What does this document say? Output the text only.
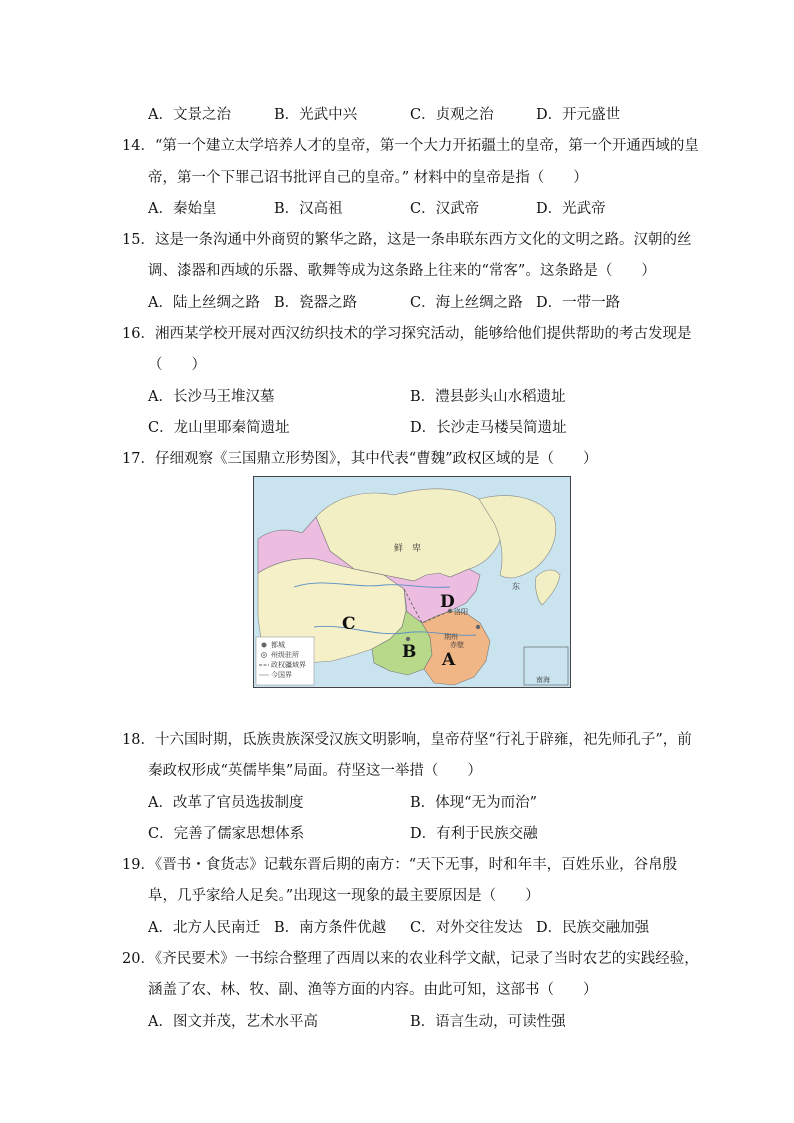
A．文景之治	B．光武中兴	C．贞观之治	D．开元盛世
14．“第一个建立太学培养人才的皇帝，第一个大力开拓疆土的皇帝，第一个开通西域的皇
帝，第一个下罪己诏书批评自己的皇帝。” 材料中的皇帝是指（　　）
A．秦始皇	B．汉高祖	C．汉武帝	D．光武帝
15．这是一条沟通中外商贸的繁华之路，这是一条串联东西方文化的文明之路。汉朝的丝
调、漆器和西域的乐器、歌舞等成为这条路上往来的“常客”。这条路是（　　）
A．陆上丝绸之路 B．瓷器之路	C．海上丝绸之路 D．一带一路
16．湘西某学校开展对西汉纺织技术的学习探究活动，能够给他们提供帮助的考古发现是
（　　）
A．长沙马王堆汉墓	B．澧县彭头山水稻遗址
C．龙山里耶秦简遗址	D．长沙走马楼吴简遗址
17．仔细观察《三国鼎立形势图》，其中代表“曹魏”政权区域的是（　　）
都城
州级驻所
政权疆域界
今国界
南海
鲜　卑
洛阳
荆州
赤壁
东
D
C
B A
18．十六国时期，氐族贵族深受汉族文明影响，皇帝苻坚“行礼于辟雍，祀先师孔子”，前
秦政权形成“英儒毕集”局面。苻坚这一举措（　　）
A．改革了官员选拔制度	B．体现“无为而治”
C．完善了儒家思想体系	D．有利于民族交融
19．《晋书・食货志》记载东晋后期的南方：“天下无事，时和年丰，百姓乐业，谷帛殷
阜，几乎家给人足矣。”出现这一现象的最主要原因是（　　）
A．北方人民南迁 B．南方条件优越 C．对外交往发达 D．民族交融加强
20．《齐民要术》一书综合整理了西周以来的农业科学文献，记录了当时农艺的实践经验，
涵盖了农、林、牧、副、渔等方面的内容。由此可知，这部书（　　）
A．图文并茂，艺术水平高	B．语言生动，可读性强
